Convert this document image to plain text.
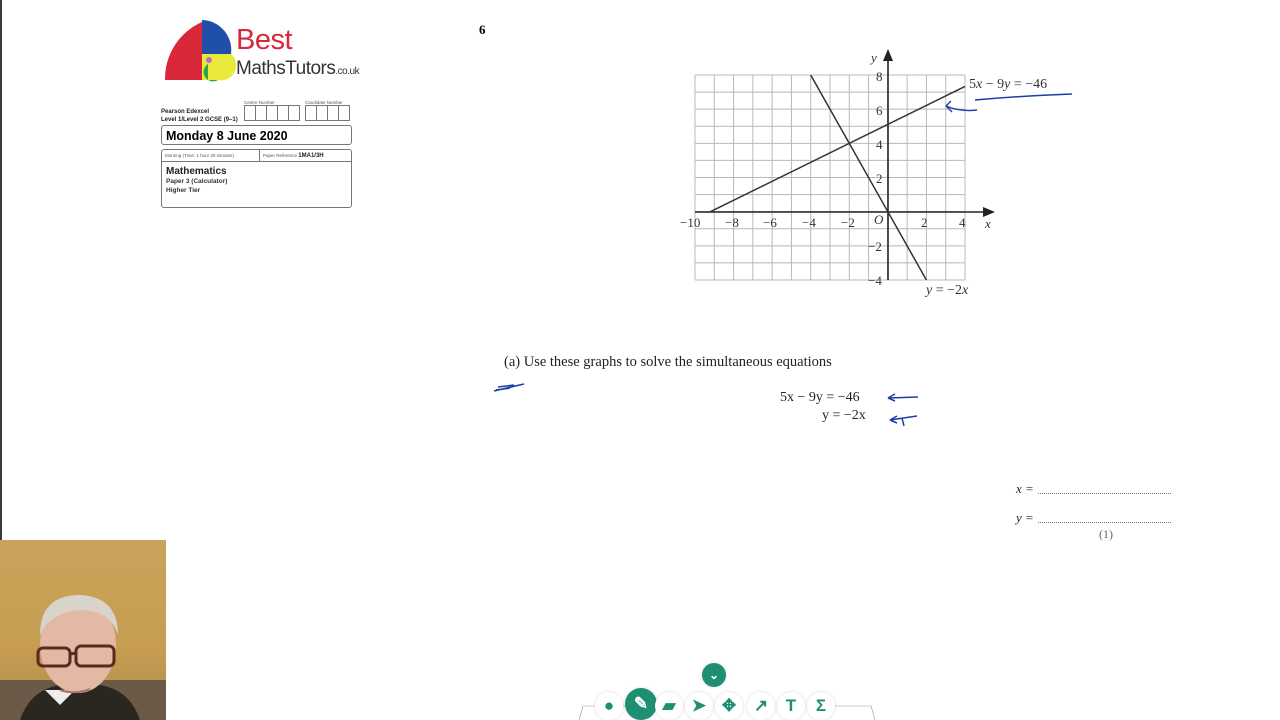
Best
MathsTutors.co.uk
Pearson Edexcel
Level 1/Level 2 GCSE (9–1)
Centre Number	Candidate Number
Monday 8 June 2020
Morning (Time: 1 hour 30 minutes)	Paper Reference 1MA1/3H
Mathematics
Paper 3 (Calculator)
Higher Tier
6
−10 −8 −6 −4 −2 O	2 4 x
8
6
4
2
−2
−4
y
5x − 9y = −46
y = −2x
(a) Use these graphs to solve the simultaneous equations
5x − 9y = −46
y = −2x
x =
y =
(1)
⌄
● ✎ ▰ ➤ ✥ ↗ T Σ
